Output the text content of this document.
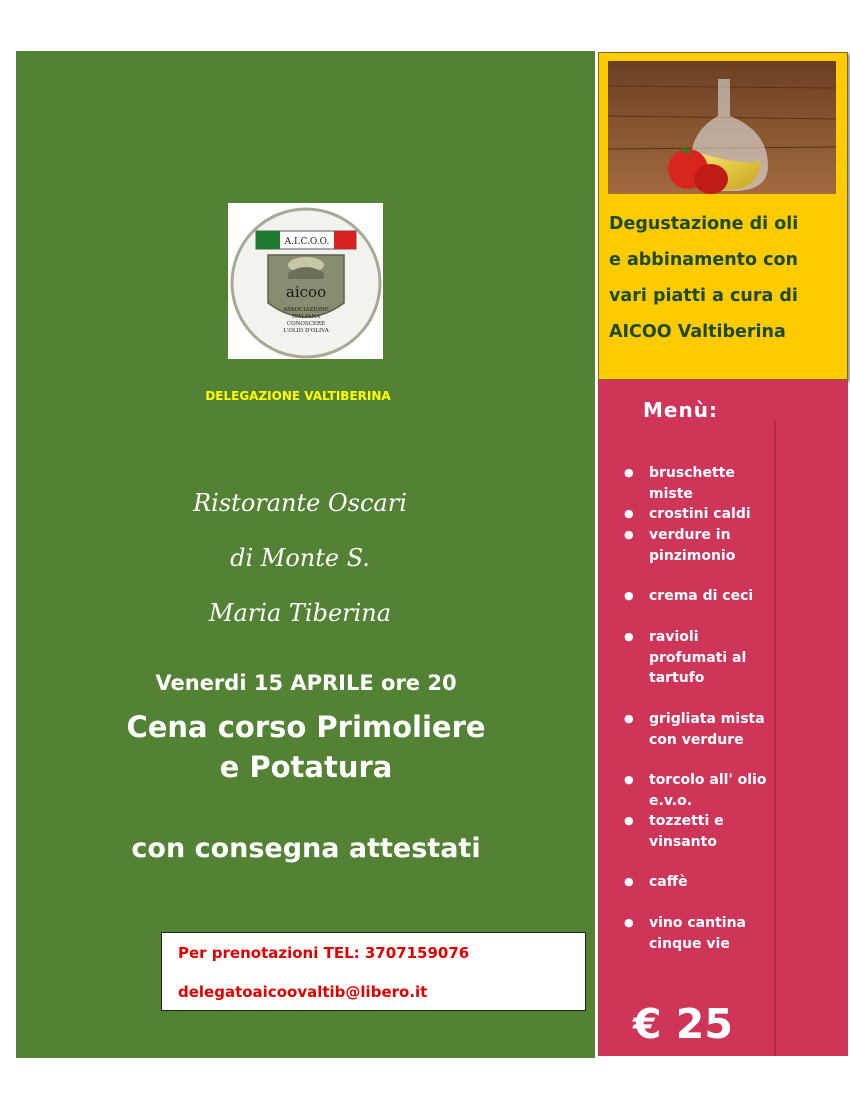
A.I.C.O.O.
aicoo
ASSOCIAZIONE
ITALIANA
CONOSCERE
L'OLIO D'OLIVA
DELEGAZIONE VALTIBERINA
Ristorante Oscari
di Monte S.
Maria Tiberina
Venerdi 15 APRILE ore 20
Cena corso Primoliere
e Potatura
con consegna attestati
Per prenotazioni TEL: 3707159076
delegatoaicoovaltib@libero.it
Degustazione di oli
e abbinamento con
vari piatti a cura di
AICOO Valtiberina
Menù:
● bruschette miste
● crostini caldi
● verdure in pinzimonio
● crema di ceci
● ravioli profumati al tartufo
● grigliata mista con verdure
● torcolo all' olio e.v.o.
● tozzetti e vinsanto
● caffè
● vino cantina cinque vie
€ 25
